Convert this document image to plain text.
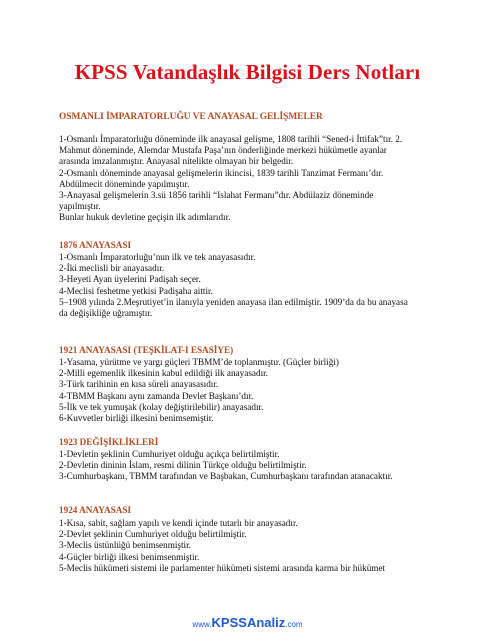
KPSS Vatandaşlık Bilgisi Ders Notları
OSMANLI İMPARATORLUĞU VE ANAYASAL GELİŞMELER
1-Osmanlı İmparatorluğu döneminde ilk anayasal gelişme, 1808 tarihli “Sened-i İttifak”tır. 2.
Mahmut döneminde, Alemdar Mustafa Paşa’nın önderliğinde merkezi hükümetle ayanlar
arasında imzalanmıştır. Anayasal nitelikte olmayan bir belgedir.
2-Osmanlı döneminde anayasal gelişmelerin ikincisi, 1839 tarihli Tanzimat Fermanı’dır.
Abdülmecit döneminde yapılmıştır.
3-Anayasal gelişmelerin 3.sü 1856 tarihli “Islahat Fermanı”dır. Abdülaziz döneminde
yapılmıştır.
Bunlar hukuk devletine geçişin ilk adımlarıdır.
1876 ANAYASASI
1-Osmanlı İmparatorluğu’nun ilk ve tek anayasasıdır.
2-İki meclisli bir anayasadır.
3-Heyeti Ayan üyelerini Padişah seçer.
4-Meclisi feshetme yetkisi Padişaha aittir.
5–1908 yılında 2.Meşrutiyet’in ilanıyla yeniden anayasa ilan edilmiştir. 1909’da da bu anayasa
da değişikliğe uğramıştır.
1921 ANAYASASI (TEŞKİLAT-I ESASİYE)
1-Yasama, yürütme ve yargı güçleri TBMM’de toplanmıştır. (Güçler birliği)
2-Milli egemenlik ilkesinin kabul edildiği ilk anayasadır.
3-Türk tarihinin en kısa süreli anayasasıdır.
4-TBMM Başkanı aynı zamanda Devlet Başkanı’dır.
5-İlk ve tek yumuşak (kolay değiştirilebilir) anayasadır.
6-Kuvvetler birliği ilkesini benimsemiştir.
1923 DEĞİŞİKLİKLERİ
1-Devletin şeklinin Cumhuriyet olduğu açıkça belirtilmiştir.
2-Devletin dininin İslam, resmi dilinin Türkçe olduğu belirtilmiştir.
3-Cumhurbaşkanı, TBMM tarafından ve Başbakan, Cumhurbaşkanı tarafından atanacaktır.
1924 ANAYASASI
1-Kısa, sabit, sağlam yapılı ve kendi içinde tutarlı bir anayasadır.
2-Devlet şeklinin Cumhuriyet olduğu belirtilmiştir.
3-Meclis üstünlüğü benimsenmiştir.
4-Güçler birliği ilkesi benimsenmiştir.
5-Meclis hükümeti sistemi ile parlamenter hükümeti sistemi arasında karma bir hükümet
www.KPSSAnaliz.com
